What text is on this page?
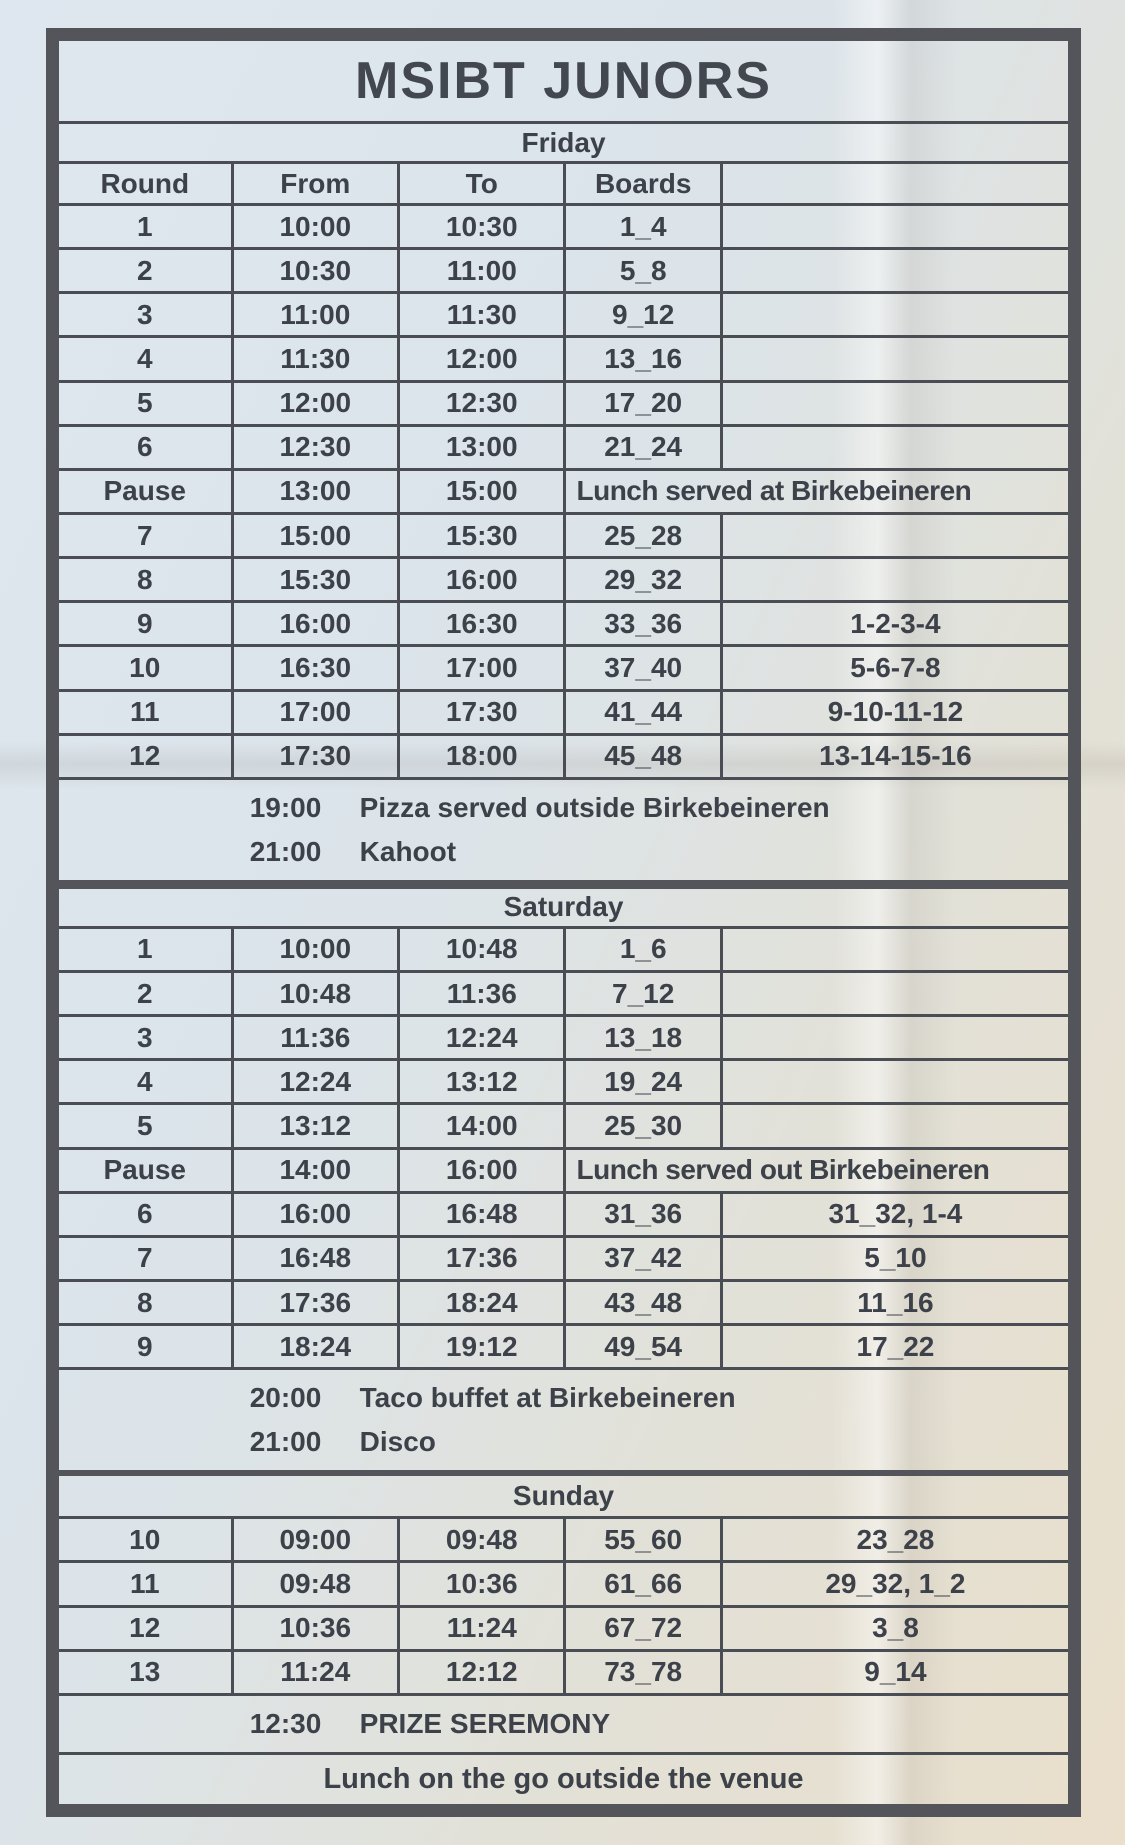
MSIBT JUNORS
Friday
Round	From	To	Boards
1	10:00	10:30	1_4
2	10:30	11:00	5_8
3	11:00	11:30	9_12
4	11:30	12:00	13_16
5	12:00	12:30	17_20
6	12:30	13:00	21_24
Pause	13:00	15:00	Lunch served at Birkebeineren
7	15:00	15:30	25_28
8	15:30	16:00	29_32
9	16:00	16:30	33_36	1-2-3-4
10	16:30	17:00	37_40	5-6-7-8
11	17:00	17:30	41_44	9-10-11-12
12	17:30	18:00	45_48	13-14-15-16
19:00	Pizza served outside Birkebeineren
21:00	Kahoot
Saturday
1	10:00	10:48	1_6
2	10:48	11:36	7_12
3	11:36	12:24	13_18
4	12:24	13:12	19_24
5	13:12	14:00	25_30
Pause	14:00	16:00	Lunch served out Birkebeineren
6	16:00	16:48	31_36	31_32, 1-4
7	16:48	17:36	37_42	5_10
8	17:36	18:24	43_48	11_16
9	18:24	19:12	49_54	17_22
20:00	Taco buffet at Birkebeineren
21:00	Disco
Sunday
10	09:00	09:48	55_60	23_28
11	09:48	10:36	61_66	29_32, 1_2
12	10:36	11:24	67_72	3_8
13	11:24	12:12	73_78	9_14
12:30	PRIZE SEREMONY
Lunch on the go outside the venue
